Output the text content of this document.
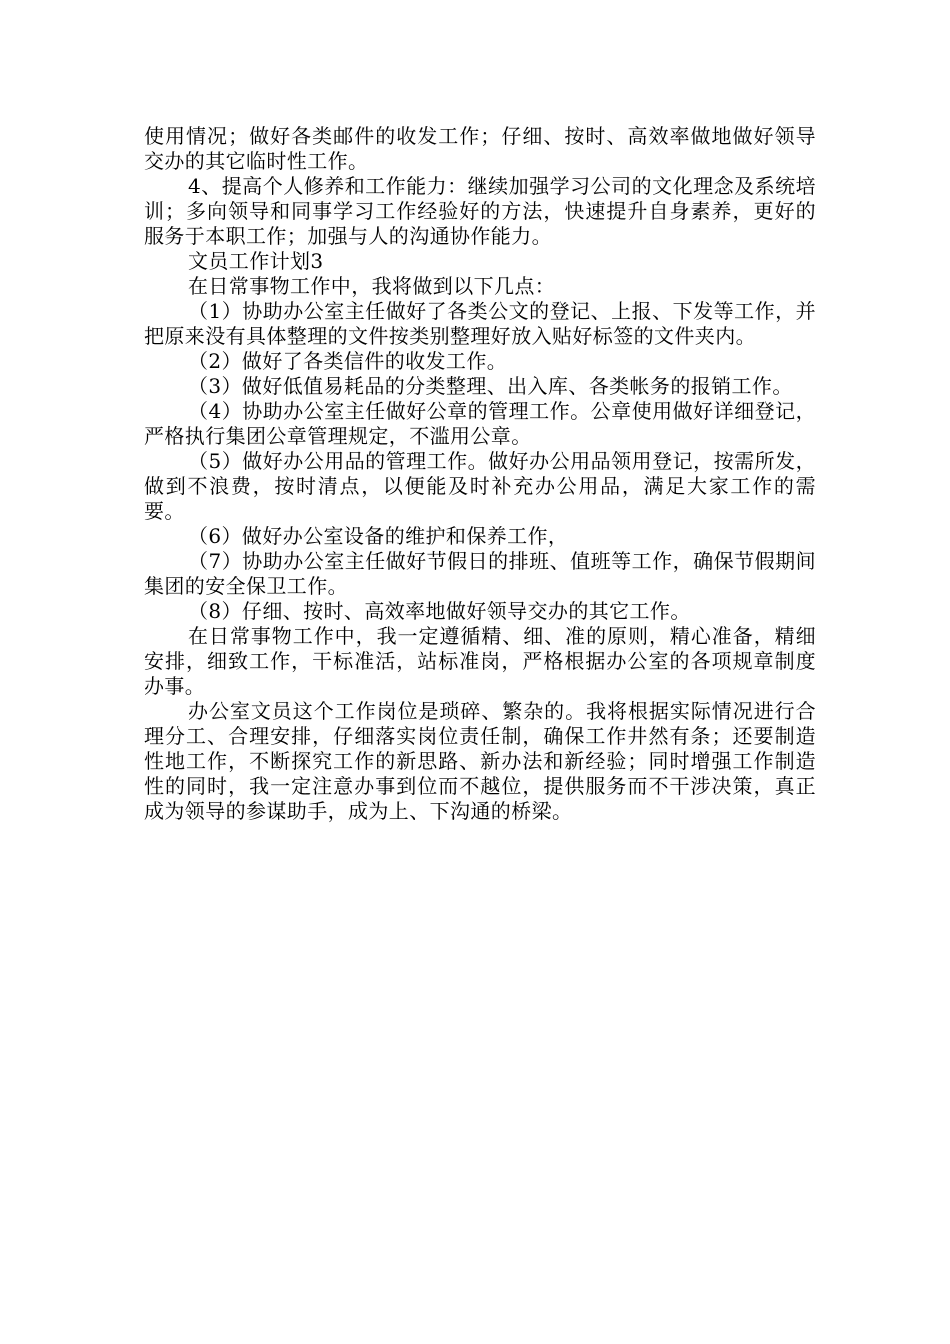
使用情况；做好各类邮件的收发工作；仔细、按时、高效率做地做好领导交办的其它临时性工作。

4、提高个人修养和工作能力：继续加强学习公司的文化理念及系统培训；多向领导和同事学习工作经验好的方法，快速提升自身素养，更好的服务于本职工作；加强与人的沟通协作能力。

文员工作计划3

在日常事物工作中，我将做到以下几点：

（1）协助办公室主任做好了各类公文的登记、上报、下发等工作，并把原来没有具体整理的文件按类别整理好放入贴好标签的文件夹内。

（2）做好了各类信件的收发工作。

（3）做好低值易耗品的分类整理、出入库、各类帐务的报销工作。

（4）协助办公室主任做好公章的管理工作。公章使用做好详细登记，严格执行集团公章管理规定，不滥用公章。

（5）做好办公用品的管理工作。做好办公用品领用登记，按需所发，做到不浪费，按时清点，以便能及时补充办公用品，满足大家工作的需要。

（6）做好办公室设备的维护和保养工作，

（7）协助办公室主任做好节假日的排班、值班等工作，确保节假期间集团的安全保卫工作。

（8）仔细、按时、高效率地做好领导交办的其它工作。

在日常事物工作中，我一定遵循精、细、准的原则，精心准备，精细安排，细致工作，干标准活，站标准岗，严格根据办公室的各项规章制度办事。

办公室文员这个工作岗位是琐碎、繁杂的。我将根据实际情况进行合理分工、合理安排，仔细落实岗位责任制，确保工作井然有条；还要制造性地工作，不断探究工作的新思路、新办法和新经验；同时增强工作制造性的同时，我一定注意办事到位而不越位，提供服务而不干涉决策，真正成为领导的参谋助手，成为上、下沟通的桥梁。
